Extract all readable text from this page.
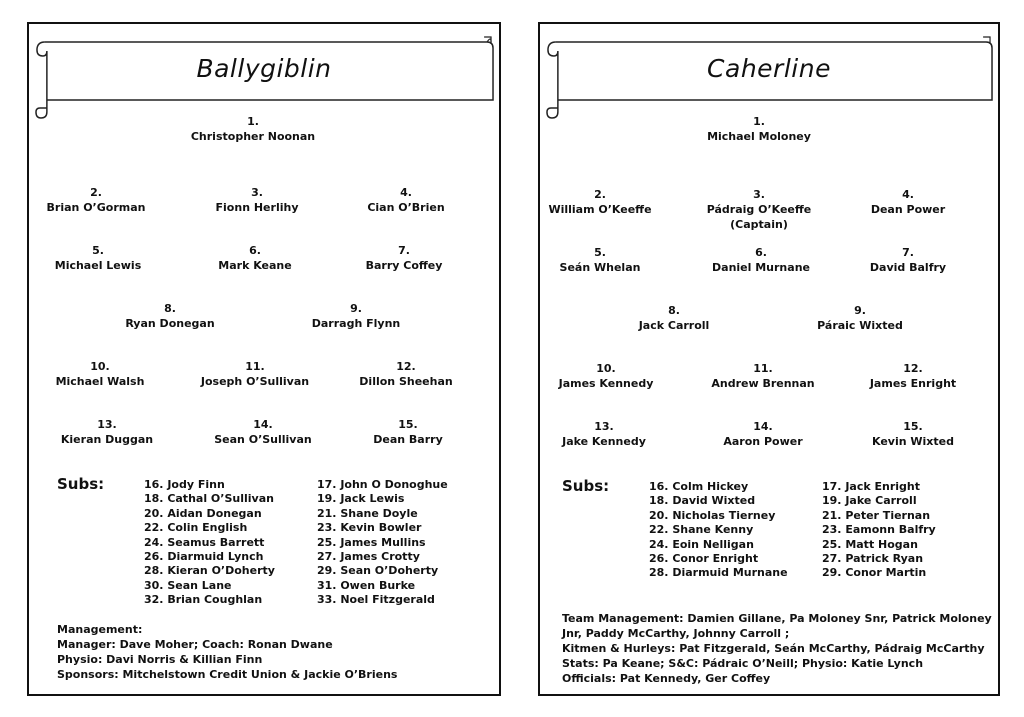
Ballygiblin
1.
Christopher Noonan
2.
Brian O’Gorman
3.
Fionn Herlihy
4.
Cian O’Brien
5.
Michael Lewis
6.
Mark Keane
7.
Barry Coffey
8.
Ryan Donegan
9.
Darragh Flynn
10.
Michael Walsh
11.
Joseph O’Sullivan
12.
Dillon Sheehan
13.
Kieran Duggan
14.
Sean O’Sullivan
15.
Dean Barry
Subs:	16. Jody Finn
18. Cathal O’Sullivan
20. Aidan Donegan
22. Colin English
24. Seamus Barrett
26. Diarmuid Lynch
28. Kieran O’Doherty
30. Sean Lane
32. Brian Coughlan
17. John O Donoghue
19. Jack Lewis
21. Shane Doyle
23. Kevin Bowler
25. James Mullins
27. James Crotty
29. Sean O’Doherty
31. Owen Burke
33. Noel Fitzgerald
Management:
Manager: Dave Moher; Coach: Ronan Dwane
Physio: Davi Norris & Killian Finn
Sponsors: Mitchelstown Credit Union & Jackie O’Briens
Caherline
1.
Michael Moloney
2.
William O’Keeffe
3.
Pádraig O’Keeffe
(Captain)
4.
Dean Power
5.
Seán Whelan
6.
Daniel Murnane
7.
David Balfry
8.
Jack Carroll
9.
Páraic Wixted
10.
James Kennedy
11.
Andrew Brennan
12.
James Enright
13.
Jake Kennedy
14.
Aaron Power
15.
Kevin Wixted
Subs:	16. Colm Hickey
18. David Wixted
20. Nicholas Tierney
22. Shane Kenny
24. Eoin Nelligan
26. Conor Enright
28. Diarmuid Murnane
17. Jack Enright
19. Jake Carroll
21. Peter Tiernan
23. Eamonn Balfry
25. Matt Hogan
27. Patrick Ryan
29. Conor Martin
Team Management: Damien Gillane, Pa Moloney Snr, Patrick Moloney
Jnr, Paddy McCarthy, Johnny Carroll ;
Kitmen & Hurleys: Pat Fitzgerald, Seán McCarthy, Pádraig McCarthy
Stats: Pa Keane; S&C: Pádraic O’Neill; Physio: Katie Lynch
Officials: Pat Kennedy, Ger Coffey
